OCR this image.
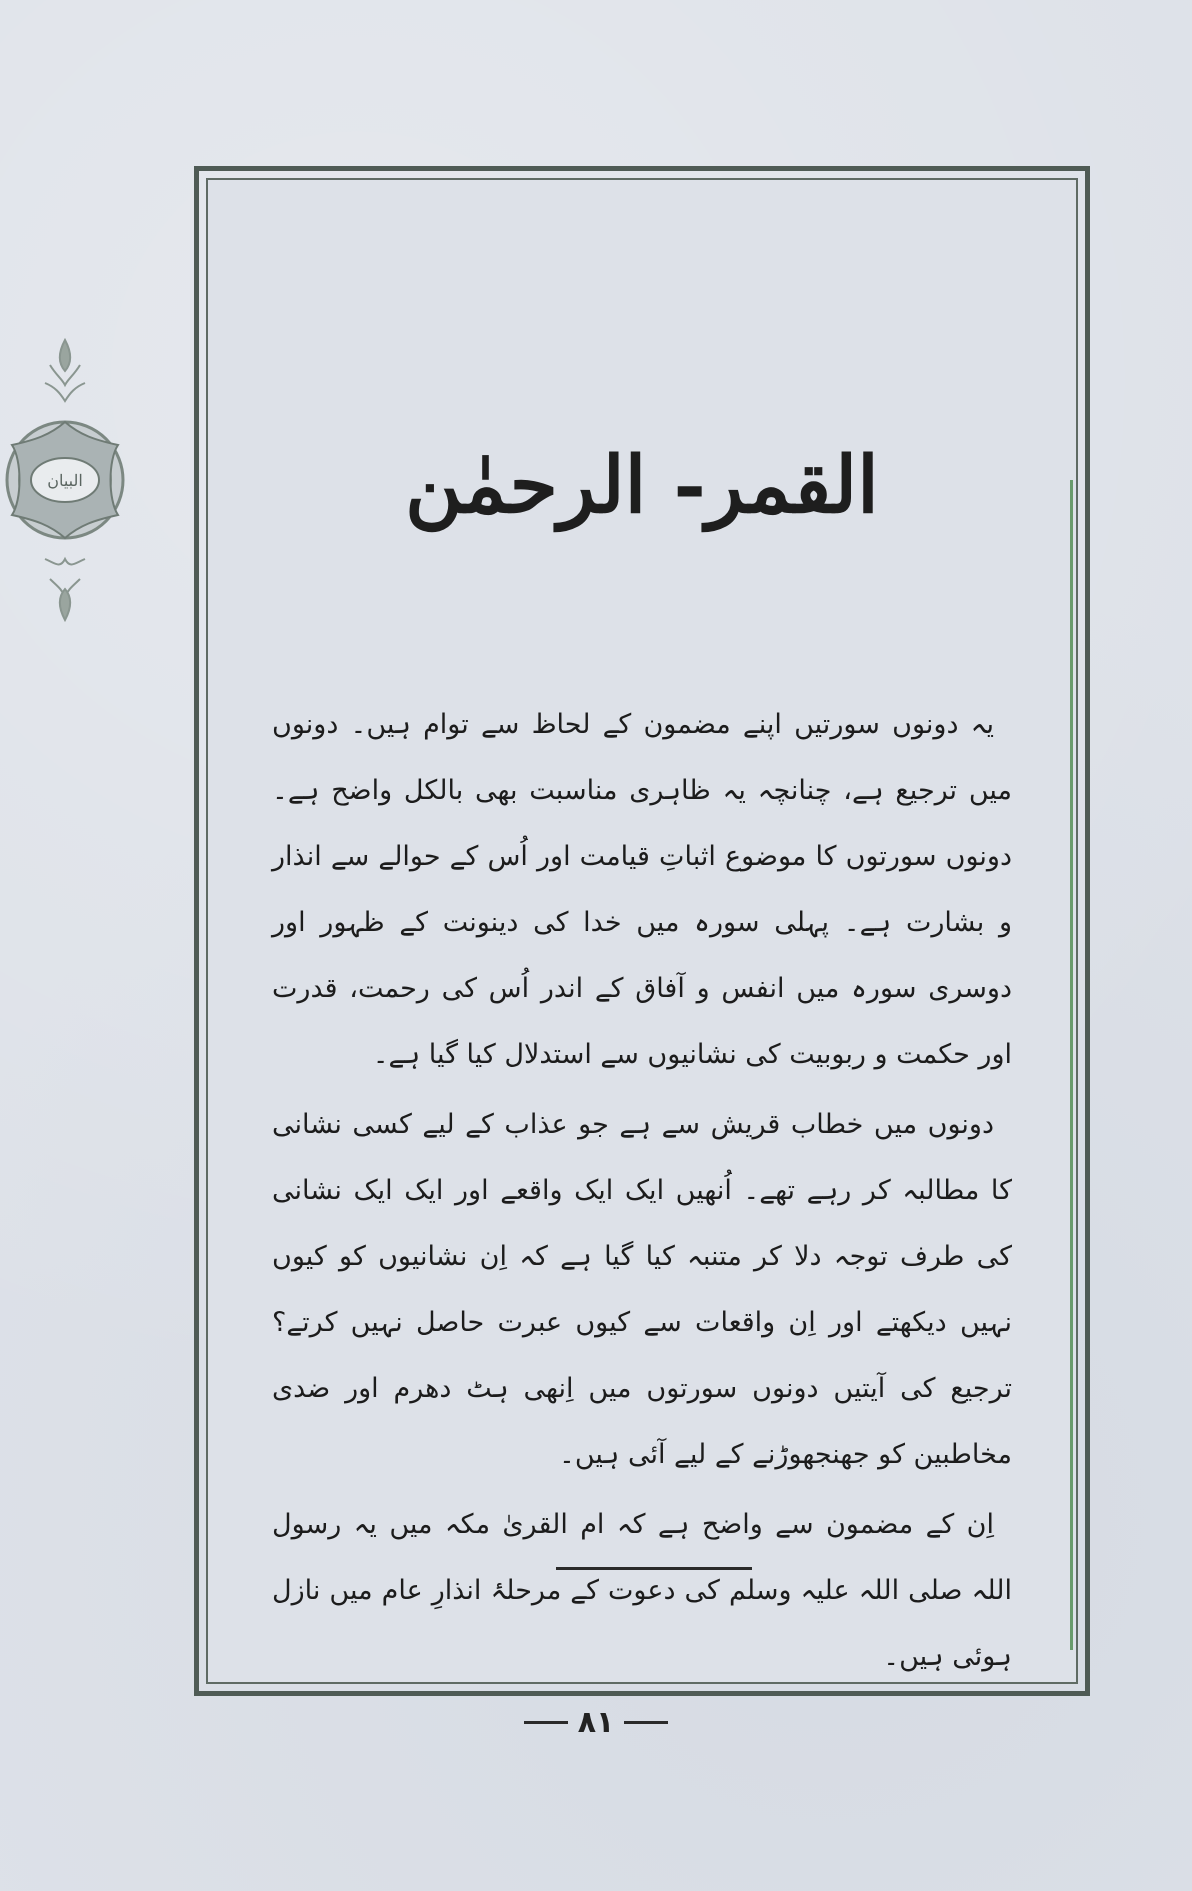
البیان	القمر- الرحمٰن

یہ دونوں سورتیں اپنے مضمون کے لحاظ سے توام ہیں۔ دونوں میں ترجیع ہے، چنانچہ یہ ظاہری مناسبت بھی بالکل واضح ہے۔ دونوں سورتوں کا موضوع اثباتِ قیامت اور اُس کے حوالے سے انذار و بشارت ہے۔ پہلی سورہ میں خدا کی دینونت کے ظہور اور دوسری سورہ میں انفس و آفاق کے اندر اُس کی رحمت، قدرت اور حکمت و ربوبیت کی نشانیوں سے استدلال کیا گیا ہے۔

دونوں میں خطاب قریش سے ہے جو عذاب کے لیے کسی نشانی کا مطالبہ کر رہے تھے۔ اُنھیں ایک ایک واقعے اور ایک ایک نشانی کی طرف توجہ دلا کر متنبہ کیا گیا ہے کہ اِن نشانیوں کو کیوں نہیں دیکھتے اور اِن واقعات سے کیوں عبرت حاصل نہیں کرتے؟ ترجیع کی آیتیں دونوں سورتوں میں اِنھی ہٹ دھرم اور ضدی مخاطبین کو جھنجھوڑنے کے لیے آئی ہیں۔

اِن کے مضمون سے واضح ہے کہ ام القریٰ مکہ میں یہ رسول اللہ صلی اللہ علیہ وسلم کی دعوت کے مرحلۂ انذارِ عام میں نازل ہوئی ہیں۔

۸۱
